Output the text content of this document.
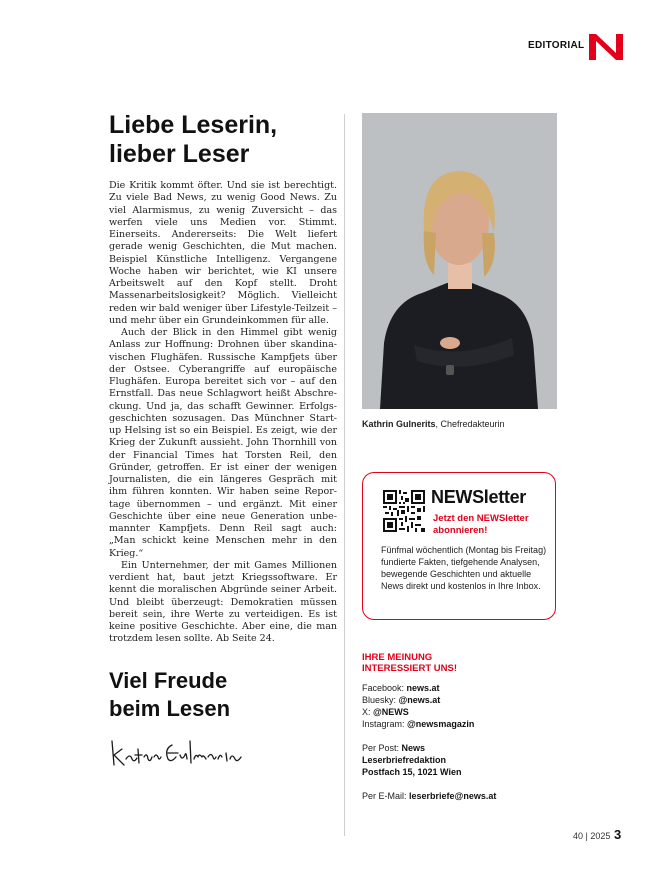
EDITORIAL
Liebe Leserin,
lieber Leser

Die Kritik kommt öfter. Und sie ist berechtigt. Zu viele Bad News, zu wenig Good News. Zu viel Alarmismus, zu wenig Zuversicht – das werfen viele uns Medien vor. Stimmt. Einerseits. Andererseits: Die Welt liefert gerade wenig Geschichten, die Mut machen. Beispiel Künstliche Intelligenz. Vergangene Woche haben wir berichtet, wie KI unsere Arbeitswelt auf den Kopf stellt. Droht Massenarbeitslosigkeit? Möglich. Vielleicht reden wir bald weniger über Lifestyle-Teilzeit – und mehr über ein Grundeinkommen für alle.

Auch der Blick in den Himmel gibt wenig Anlass zur Hoffnung: Drohnen über skandinavischen Flughäfen. Russische Kampfjets über der Ostsee. Cyberangriffe auf europäische Flughäfen. Europa bereitet sich vor – auf den Ernstfall. Das neue Schlagwort heißt Abschreckung. Und ja, das schafft Gewinner. Erfolgsgeschichten sozusagen. Das Münchner Start-up Helsing ist so ein Beispiel. Es zeigt, wie der Krieg der Zukunft aussieht. John Thornhill von der Financial Times hat Torsten Reil, den Gründer, getroffen. Er ist einer der wenigen Journalisten, die ein längeres Gespräch mit ihm führen konnten. Wir haben seine Reportage übernommen – und ergänzt. Mit einer Geschichte über eine neue Generation unbemannter Kampfjets. Denn Reil sagt auch: „Man schickt keine Menschen mehr in den Krieg.“

Ein Unternehmer, der mit Games Millionen verdient hat, baut jetzt Kriegssoftware. Er kennt die moralischen Abgründe seiner Arbeit. Und bleibt überzeugt: Demokratien müssen bereit sein, ihre Werte zu verteidigen. Es ist keine positive Geschichte. Aber eine, die man trotzdem lesen sollte. Ab Seite 24.

Viel Freude
beim Lesen
Kathrin Gulnerits, Chefredakteurin
NEWSletter
Jetzt den NEWSletter abonnieren!
Fünfmal wöchentlich (Montag bis Freitag) fundierte Fakten, tiefgehende Analysen, bewegende Geschichten und aktuelle News direkt und kostenlos in Ihre Inbox.
IHRE MEINUNG INTERESSIERT UNS!
Facebook: news.at
Bluesky: @news.at
X: @NEWS
Instagram: @newsmagazin
Per Post: News
Leserbriefredaktion
Postfach 15, 1021 Wien
Per E-Mail: leserbriefe@news.at
40 | 2025 3
